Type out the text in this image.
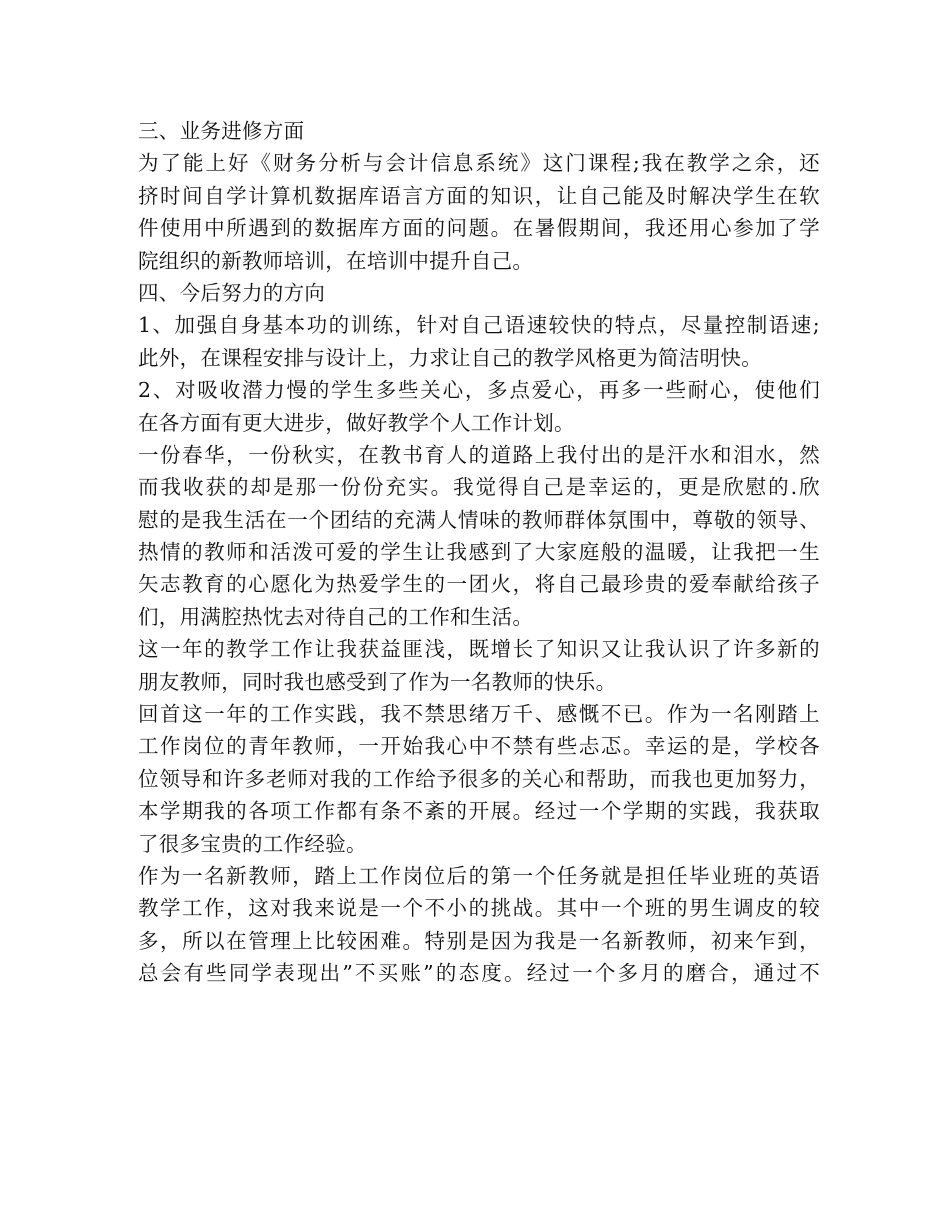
三、业务进修方面
为了能上好《财务分析与会计信息系统》这门课程;我在教学之余，还
挤时间自学计算机数据库语言方面的知识，让自己能及时解决学生在软
件使用中所遇到的数据库方面的问题。在暑假期间，我还用心参加了学
院组织的新教师培训，在培训中提升自己。
四、今后努力的方向
1、加强自身基本功的训练，针对自己语速较快的特点，尽量控制语速;
此外，在课程安排与设计上，力求让自己的教学风格更为简洁明快。
2、对吸收潜力慢的学生多些关心，多点爱心，再多一些耐心，使他们
在各方面有更大进步，做好教学个人工作计划。
一份春华，一份秋实，在教书育人的道路上我付出的是汗水和泪水，然
而我收获的却是那一份份充实。我觉得自己是幸运的，更是欣慰的.欣
慰的是我生活在一个团结的充满人情味的教师群体氛围中，尊敬的领导、
热情的教师和活泼可爱的学生让我感到了大家庭般的温暖，让我把一生
矢志教育的心愿化为热爱学生的一团火，将自己最珍贵的爱奉献给孩子
们，用满腔热忱去对待自己的工作和生活。
这一年的教学工作让我获益匪浅，既增长了知识又让我认识了许多新的
朋友教师，同时我也感受到了作为一名教师的快乐。
回首这一年的工作实践，我不禁思绪万千、感慨不已。作为一名刚踏上
工作岗位的青年教师，一开始我心中不禁有些忐忑。幸运的是，学校各
位领导和许多老师对我的工作给予很多的关心和帮助，而我也更加努力，
本学期我的各项工作都有条不紊的开展。经过一个学期的实践，我获取
了很多宝贵的工作经验。
作为一名新教师，踏上工作岗位后的第一个任务就是担任毕业班的英语
教学工作，这对我来说是一个不小的挑战。其中一个班的男生调皮的较
多，所以在管理上比较困难。特别是因为我是一名新教师，初来乍到，
总会有些同学表现出”不买账”的态度。经过一个多月的磨合，通过不
